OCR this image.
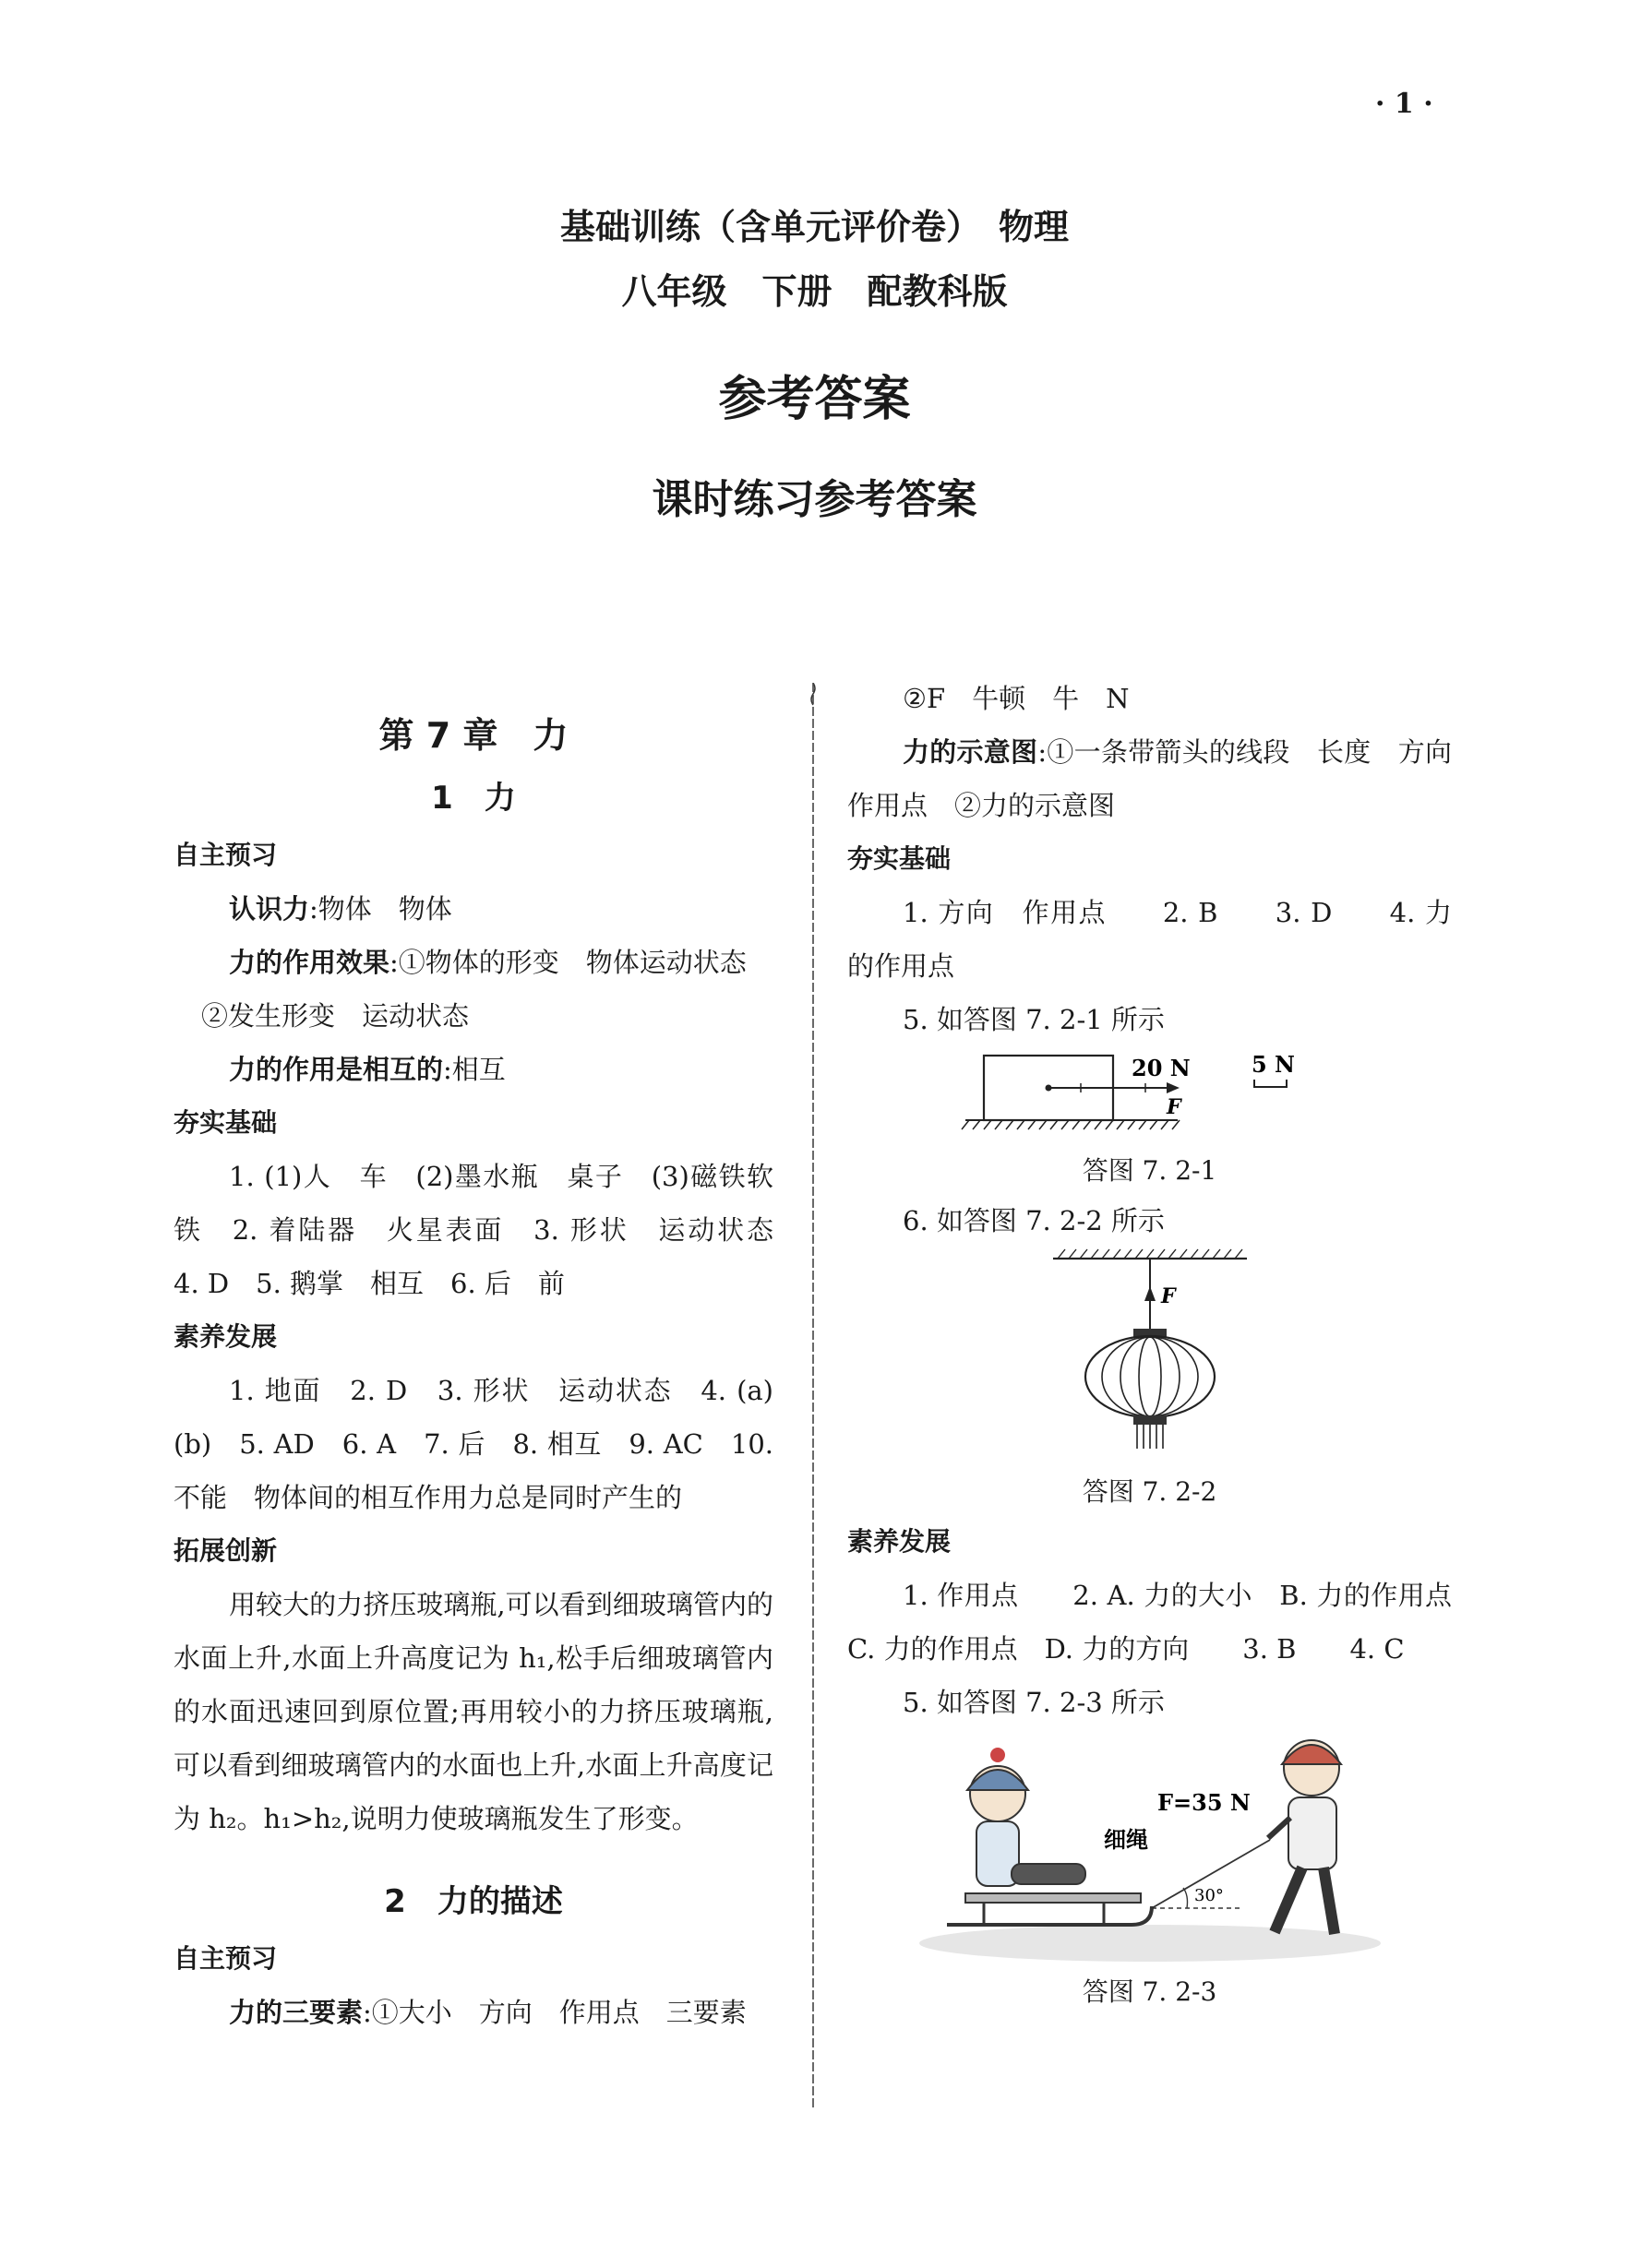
· 1 ·
基础训练（含单元评价卷）　物理
八年级　下册　配教科版
参考答案
课时练习参考答案
第 7 章　力
1　力
自主预习
认识力:物体　物体
力的作用效果:①物体的形变　物体运动状态
②发生形变　运动状态
力的作用是相互的:相互
夯实基础
1. (1)人　车　(2)墨水瓶　桌子　(3)磁铁软铁　2. 着陆器　火星表面　3. 形状　运动状态　4. D　5. 鹅掌　相互　6. 后　前
素养发展
1. 地面　2. D　3. 形状　运动状态　4. (a)　(b)　5. AD　6. A　7. 后　8. 相互　9. AC　10. 不能　物体间的相互作用力总是同时产生的
拓展创新
用较大的力挤压玻璃瓶,可以看到细玻璃管内的水面上升,水面上升高度记为 h₁,松手后细玻璃管内的水面迅速回到原位置;再用较小的力挤压玻璃瓶,可以看到细玻璃管内的水面也上升,水面上升高度记为 h₂。h₁>h₂,说明力使玻璃瓶发生了形变。
2　力的描述
自主预习
力的三要素:①大小　方向　作用点　三要素
②F　牛顿　牛　N
力的示意图:①一条带箭头的线段　长度　方向　作用点　②力的示意图
夯实基础
1. 方向　作用点　　2. B　　3. D　　4. 力的作用点
5. 如答图 7. 2-1 所示
20 N
F
5 N
答图 7. 2-1
6. 如答图 7. 2-2 所示
F
答图 7. 2-2
素养发展
1. 作用点　　2. A. 力的大小　B. 力的作用点　C. 力的作用点　D. 力的方向　　3. B　　4. C
5. 如答图 7. 2-3 所示
30°
细绳
F=35 N
答图 7. 2-3
